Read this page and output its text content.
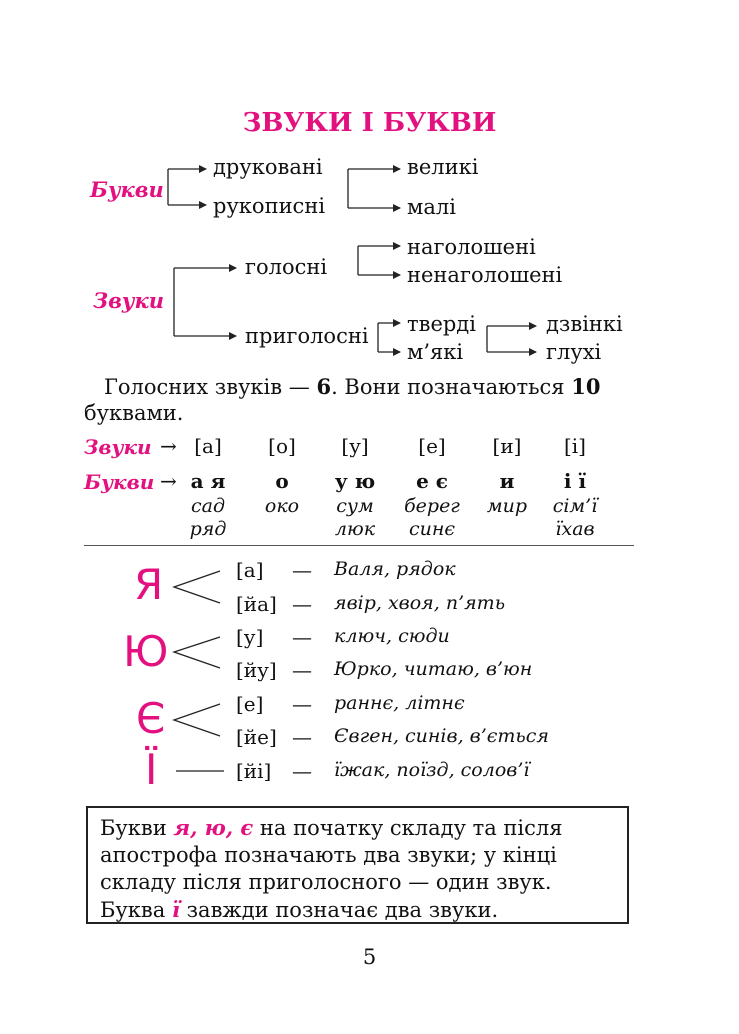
ЗВУКИ І БУКВИ
Букви
друковані
рукописні
великі
малі
Звуки
голосні
приголосні
наголошені
ненаголошені
тверді
м’які
дзвінкі
глухі
Голосних звуків — 6. Вони позначаються 10 буквами.
Звуки →
Букви →
[а]
а я
сад
ряд
[о]
о
око
[у]
у ю
сум
люк
[е]
е є
берег
синє
[и]
и
мир
[і]
і ї
сім’ї
їхав
Я
Ю
Є
Ї
[а] — Валя, рядок
[йа] — явір, хвоя, п’ять
[у] — ключ, сюди
[йу] — Юрко, читаю, в’юн
[е] — раннє, літнє
[йе] — Євген, синів, в’ється
[йі] — їжак, поїзд, солов’ї
Букви я, ю, є на початку складу та після апострофа позначають два звуки; у кінці складу після приголосного — один звук.
Буква ї завжди позначає два звуки.
5
